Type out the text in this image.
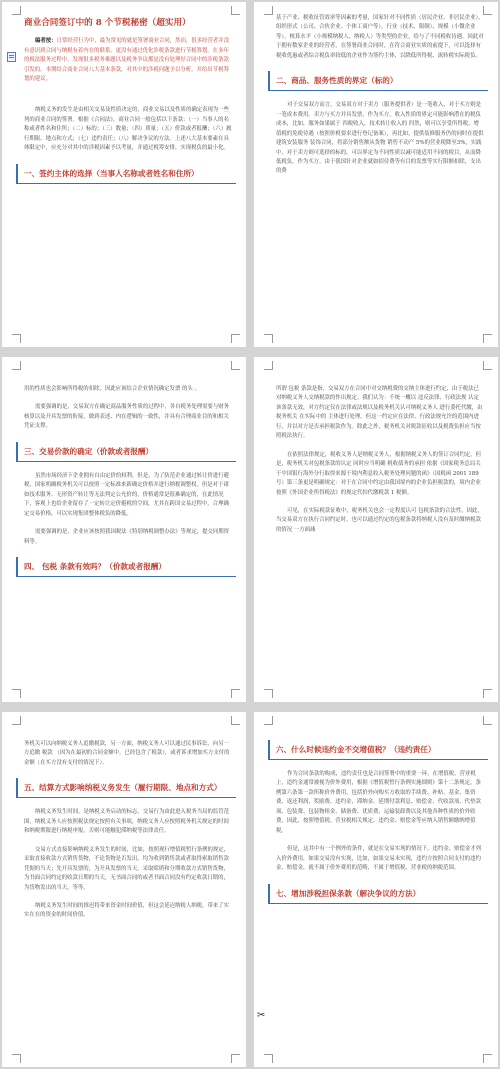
商业合同签订中的 8 个节税秘密（超实用）

编者按：日常经营行为中，最为常见的就是签署商业合同，然而，很多经营者并没有意识到合同与纳税有着内在的联系，更没有通过优化涉税条款进行节税筹划。在多年的税法服务过程中，发现很多税务难题以及税务争议都是没有处理好合同中的涉税条款引发的。本期结合商业合同八大基本条款，对其中的涉税问题予以分析，并给出节税筹划的建议。

纳税义务的发生是由相关交易及性质决定的，商业交易以及性质的确定表现为一些列的商业合同的签署。根据《合同法》，商业合同一般包括以下条款：（一）当事人的名称或者姓名和住所；（二）标的；（三）数量；（四）质量；（五）价款或者报酬；（六）履行期限、地点和方式；（七）违约责任；（八）解决争议的方法。上述八大基本要素在具体限定中，应充分对其中的涉税因素予以考量，并通过税筹安排，实现税负的最小化。

一、签约主体的选择（当事人名称或者姓名和住所）

基于产业、税收征管效率等因素的考量，国家针对不同性质（居民企业、非居民企业），组织形式（公司、合伙企业、个体工商户等），行业（技术、限制）、规模（小微企业等），核算水平（小规模纳税人、纳税人）等类型的企业，给与了不同税收待遇。因此对于拥有数家企业的经营者，在签署商业合同时，在符合商业实质的前提下，可以选择有税收优惠或者综合税负率较低的企业作为签约主体，以降低所得税、流转税实际税负。

二、商品、服务性质的界定（标的）

对于交易双方而言，交易双方对于卖方（服务提供者）是一笔收入，对于买方则是一笔成本费用。卖方与买方并具发票，作为买方，收入性质的界定可能影响潜在的税负成本，比如，服务如果属于 四税收入，技术转让收入的 四然，则可以享受所得税、增值税的免税待遇（按照价税要求进行登记备案），再比如，提供装修服务仍的同时在提供建筑安装服务 装饰合同，将部分销售额从货物 销售不动产 5%的营业税降至3%，实践中，对于卖方则可选择的标的，可以界定为不同性质以减可能适用不同的税目，从而降低税负，作为买方，由于我国针对企业就如招待费等有目的发票等实行限额扣除，支出的费

用的性质也会影响所得税的扣除，因此应该结合企业情况确定发票 的头 。

需要强调的是，交易双方在确定商品服务性质的过程中，各自税务处理需要与财务核算以及开具发票的衔接，做到表述、内在逻辑的一致性，并具有合理商业目的和相关凭证支撑。

三、交易价款的确定（价款或者报酬）

虽然市场经济下企业拥有自由定价的权利，但是，为了防范企业通过转让价进行避税，国家明确税务机关可以按照一定标准来新确定价格并进行纳税调整权。但是对于诸如技术服务、无形资产转让等无法判定公允价的，价格通常是很难确定的，在此情况下，客观上也给企业留存了一定转让定价避税的空间，尤其在跨国交易过程中，合理确定交易价格，可以实现集团整体税负的降低。

需要强调的是，企业应该按照我国税法《特别纳税调整办法》等规定，提交同期资料等。

四、 包税 条款有效吗？（价款或者报酬）

所谓 包税 条款是指，交易双方在合同中对交纳税费的交纳主体进行约定，由于税法已对纳税义务人交纳税款的作出规定。我们认为：不统一概以 违反法律、行政法规 认定该条款无效，对方约定仅在法律或法规以及税务机关认可纳税义务人 进行委托代缴，由税务机关 在实际中的 主体进行处理。但这一约定应在法律、行政法规允许的范围内进行，并以对方是否承担税款作为。除此之外，税务机关对税款征收以及税费负担应当按照税法执行。

在依照法律规定，税收义务人是纳税义务人，根据纳税义务人的签订合同约定。但是，税务机关对包税条款的认定 同时应当明确 税收债务的承担 依据《国家税务总局关于中国银行海外分行取得来源于境内利息收入税务处理问题的函》（国税函 2001 189号）第三条更是明确规定：对于在合同中约定由我国境内的企业负担税款的，境内企业按照《外国企业所得税法》的规定代扣代缴税款 1 税额。

可见，在实际税款征收中，税务机关也会一定程度认可 包税条款的合法性，因此，当交易双方在执行合同约定时，也可以通过约定的包税条款将纳税人没有及时缴纳税款的情况 一方面减

务机关可以向纳税义务人追缴税款，另一方面，纳税义务人可以通过民事诉讼，向另一方追缴 税款 （因为在最初的合同金额中，已经包含了税款），或者诉求增加买方支付的金额（在买方没有支付的情况下）。

五、结算方式影响纳税义务发生（履行期限、地点和方式）

纳税义务发生时间，是纳税义务启动的标志，交易行为由此进入税务当局的监管范围，纳税义务人应按照税法规定按照有关事项，纳税义务人应按照税务机关规定的时间和纳税期限进行纳税申报，否则可能触犯滞纳税等法律责任。

交易方式直接影响纳税义务发生的时间，比如，按照现行增值税暂行条例的规定，采取直接收款方式销售货物，不论货物是否发出，均为收到销售款或者取得索取销售款凭据的当天；先开具发票的，为开具发票的当天。采取赊销和分期收款方式销售货物，为书面合同约定的收款日期的当天，无书面合同的或者书面合同没有约定收款日期的，为货物发出的当天，等等。

纳税义务发生时间的推迟将带来资金时间价值，但这会延迟纳税人纳税，带来了实实在在的资金的时间价值。

六、什么时候违约金不交增值税？（违约责任）

作为合同条款的构成，违约责任也是合同签署中的重要一环，在增值税、营业税上，违约金通常被视为价外费用，根据《增值税暂行条例实施细则》第十二条规定，条例第六条第一款所称价外费用，包括价外向购买方收取的手续费、补贴、基金、集资费、返还利润、奖励费、违约金、滞纳金、延期付款利息、赔偿金、代收款项、代垫款项、包装费、包装物租金、储备费、优质费、运输装卸费以及其他各种性质的价外收费，因此，按照增值税、营业税相关规定，违约金、赔偿金等应纳入销售额缴纳增值税。

但是，这其中有一个例外的条件，就是在交易实现的情况下，违约金、赔偿金才列入价外费用，如果交易没有实现，比如，如果交易未实现，违约方按照合同支付的违约金、赔偿金，就不属于价外费用的范畴，不属于增值税、营业税的纳税范围。

✂
七、增加涉税担保条款（解决争议的方法）
